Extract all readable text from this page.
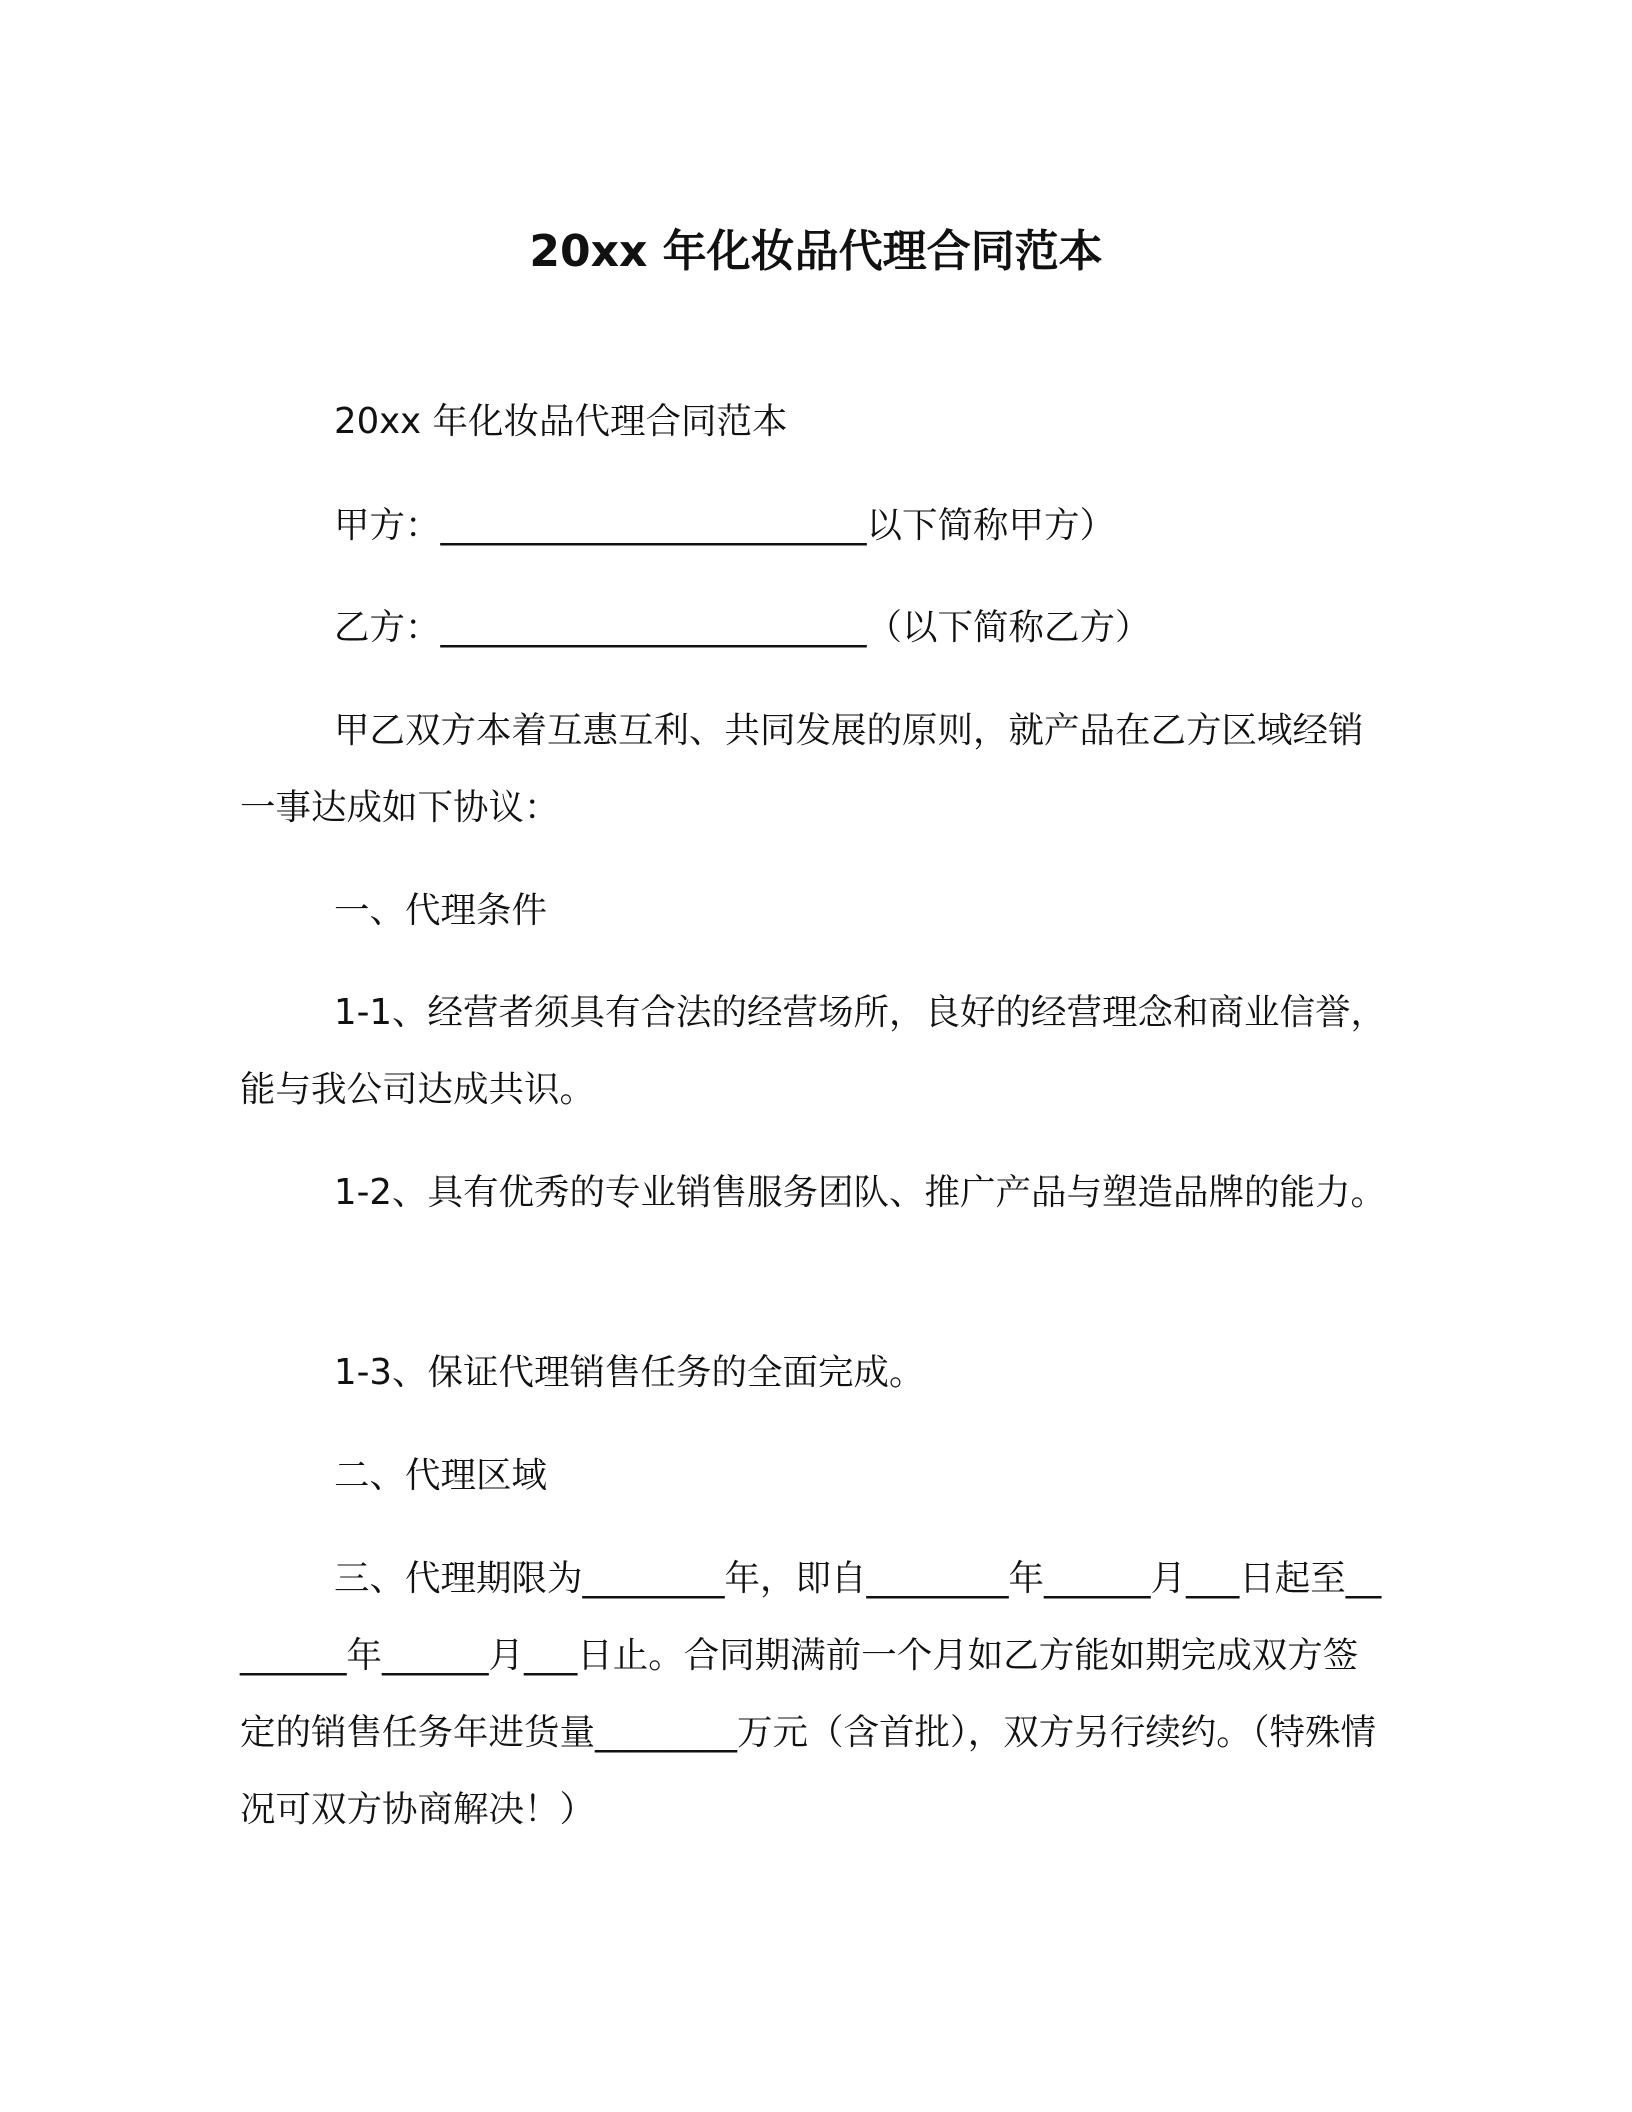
20xx 年化妆品代理合同范本

20xx 年化妆品代理合同范本

甲方：________________________以下简称甲方）

乙方：________________________（以下简称乙方）

甲乙双方本着互惠互利、共同发展的原则，就产品在乙方区域经销一事达成如下协议：

一、代理条件

1-1、经营者须具有合法的经营场所，良好的经营理念和商业信誉，能与我公司达成共识。

1-2、具有优秀的专业销售服务团队、推广产品与塑造品牌的能力。

1-3、保证代理销售任务的全面完成。

二、代理区域

三、代理期限为________年，即自________年______月___日起至________年______月___日止。合同期满前一个月如乙方能如期完成双方签定的销售任务年进货量________万元（含首批），双方另行续约。（特殊情况可双方协商解决！）
